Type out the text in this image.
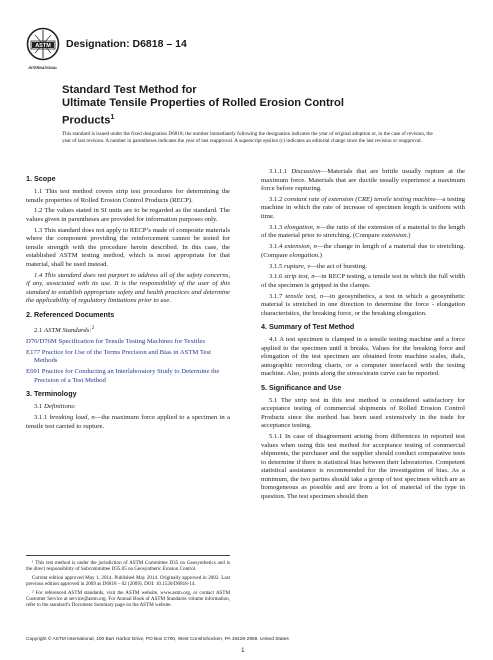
ASTM
INTERNATIONAL
Designation: D6818 – 14
Standard Test Method for
Ultimate Tensile Properties of Rolled Erosion Control
Products$^1$

This standard is issued under the fixed designation D6818; the number immediately following the designation indicates the year of original adoption or, in the case of revision, the year of last revision. A number in parentheses indicates the year of last reapproval. A superscript epsilon (ε) indicates an editorial change since the last revision or reapproval.

1. Scope

1.1 This test method covers strip test procedures for determining the tensile properties of Rolled Erosion Control Products (RECP).

1.2 The values stated in SI units are to be regarded as the standard. The values given in parentheses are provided for information purposes only.

1.3 This standard does not apply to RECP’s made of composite materials where the component providing the reinforcement cannot be tested for tensile strength with the procedure herein described. In this case, the established ASTM testing method, which is most appropriate for that material, shall be used instead.

1.4 This standard does not purport to address all of the safety concerns, if any, associated with its use. It is the responsibility of the user of this standard to establish appropriate safety and health practices and determine the applicability of regulatory limitations prior to use.

2. Referenced Documents

2.1 ASTM Standards:$^2$

D76/D76M Specification for Tensile Testing Machines for Textiles
E177 Practice for Use of the Terms Precision and Bias in ASTM Test Methods
E691 Practice for Conducting an Interlaboratory Study to Determine the Precision of a Test Method
3. Terminology

3.1 Definitions:

3.1.1 breaking load, n—the maximum force applied to a specimen in a tensile test carried to rupture.

¹ This test method is under the jurisdiction of ASTM Committee D35 on Geosynthetics and is the direct responsibility of Subcommittee D35.05 on Geosynthetic Erosion Control.

Current edition approved May 1, 2014. Published May 2014. Originally approved in 2002. Last previous edition approved in 2009 as D6818 – 02 (2009). DOI: 10.1520/D6818-14.

² For referenced ASTM standards, visit the ASTM website, www.astm.org, or contact ASTM Customer Service at service@astm.org. For Annual Book of ASTM Standards volume information, refer to the standard’s Document Summary page on the ASTM website.

3.1.1.1 Discussion—Materials that are brittle usually rupture at the maximum force. Materials that are ductile usually experience a maximum force before rupturing.

3.1.2 constant rate of extension (CRE) tensile testing machine—a testing machine in which the rate of increase of specimen length is uniform with time.

3.1.3 elongation, n—the ratio of the extension of a material to the length of the material prior to stretching. (Compare extension.)

3.1.4 extension, n—the change in length of a material due to stretching. (Compare elongation.)

3.1.5 rupture, v—the act of bursting.

3.1.6 strip test, n—in RECP testing, a tensile test in which the full width of the specimen is gripped in the clamps.

3.1.7 tensile test, n—in geosynthetics, a test in which a geosynthetic material is stretched in one direction to determine the force - elongation characteristics, the breaking force, or the breaking elongation.

4. Summary of Test Method

4.1 A test specimen is clamped in a tensile testing machine and a force applied to the specimen until it breaks. Values for the breaking force and elongation of the test specimen are obtained from machine scales, dials, autographic recording charts, or a computer interfaced with the testing machine. Also, points along the stress/strain curve can be reported.

5. Significance and Use

5.1 The strip test in this test method is considered satisfactory for acceptance testing of commercial shipments of Rolled Erosion Control Products since the method has been used extensively in the trade for acceptance testing.

5.1.1 In case of disagreement arising from differences in reported test values when using this test method for acceptance testing of commercial shipments, the purchaser and the supplier should conduct comparative tests to determine if there is statistical bias between their laboratories. Competent statistical assistance is recommended for the investigation of bias. As a minimum, the two parties should take a group of test specimen which are as homogeneous as possible and are from a lot of material of the type in question. The test specimen should then

Copyright © ASTM International, 100 Barr Harbor Drive, PO Box C700, West Conshohocken, PA 19428-2959. United States

1
